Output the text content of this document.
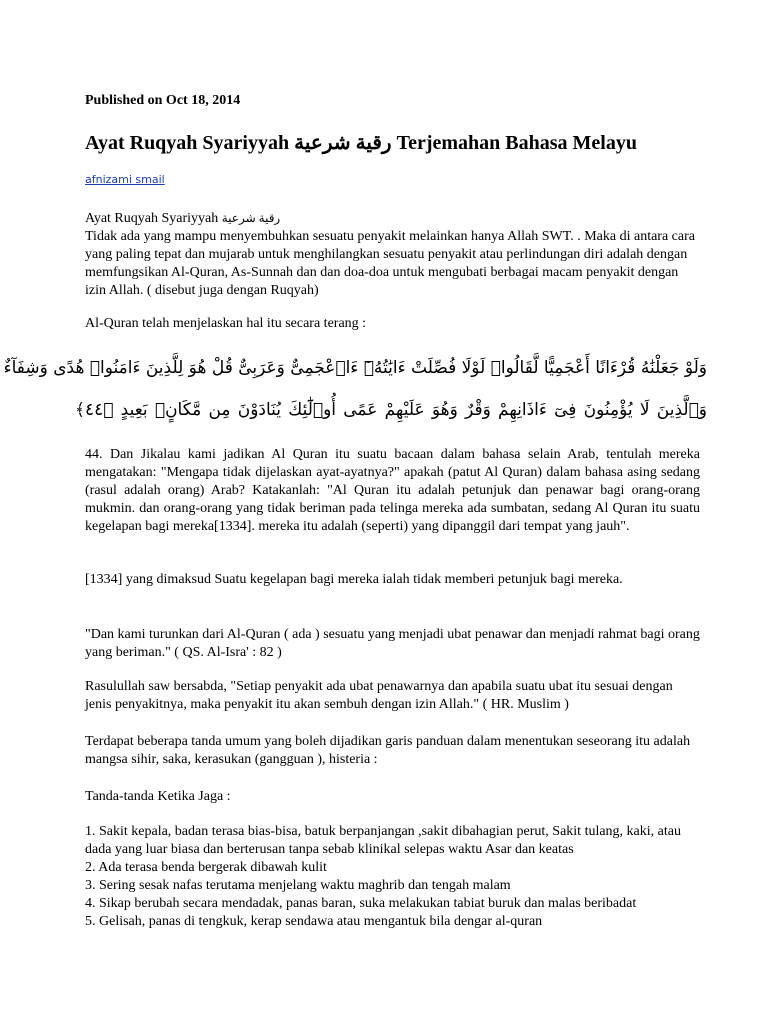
Published on Oct 18, 2014
Ayat Ruqyah Syariyyah رقية شرعية Terjemahan Bahasa Melayu
afnizami smail

Ayat Ruqyah Syariyyah رقية شرعية

Tidak ada yang mampu menyembuhkan sesuatu penyakit melainkan hanya Allah SWT. . Maka di antara cara yang paling tepat dan mujarab untuk menghilangkan sesuatu penyakit atau perlindungan diri adalah dengan memfungsikan Al-Quran, As-Sunnah dan dan doa-doa untuk mengubati berbagai macam penyakit dengan izin Allah. ( disebut juga dengan Ruqyah)

Al-Quran telah menjelaskan hal itu secara terang :

وَلَوْ جَعَلْنَٰهُ قُرْءَانًا أَعْجَمِيًّا لَّقَالُوا۟ لَوْلَا فُصِّلَتْ ءَايَٰتُهُۥٓ ءَا۬عْجَمِىٌّ وَعَرَبِىٌّ قُلْ هُوَ لِلَّذِينَ ءَامَنُوا۟ هُدًى وَشِفَآءٌ
وَٱلَّذِينَ لَا يُؤْمِنُونَ فِىٓ ءَاذَانِهِمْ وَقْرٌ وَهُوَ عَلَيْهِمْ عَمًى أُو۟لَٰٓئِكَ يُنَادَوْنَ مِن مَّكَانٍۭ بَعِيدٍ ﴿٤٤﴾

44. Dan Jikalau kami jadikan Al Quran itu suatu bacaan dalam bahasa selain Arab, tentulah mereka mengatakan: "Mengapa tidak dijelaskan ayat-ayatnya?" apakah (patut Al Quran) dalam bahasa asing sedang (rasul adalah orang) Arab? Katakanlah: "Al Quran itu adalah petunjuk dan penawar bagi orang-orang mukmin. dan orang-orang yang tidak beriman pada telinga mereka ada sumbatan, sedang Al Quran itu suatu kegelapan bagi mereka[1334]. mereka itu adalah (seperti) yang dipanggil dari tempat yang jauh".

[1334] yang dimaksud Suatu kegelapan bagi mereka ialah tidak memberi petunjuk bagi mereka.

"Dan kami turunkan dari Al-Quran ( ada ) sesuatu yang menjadi ubat penawar dan menjadi rahmat bagi orang yang beriman." ( QS. Al-Isra' : 82 )

Rasulullah saw bersabda, "Setiap penyakit ada ubat penawarnya dan apabila suatu ubat itu sesuai dengan jenis penyakitnya, maka penyakit itu akan sembuh dengan izin Allah." ( HR. Muslim )

Terdapat beberapa tanda umum yang boleh dijadikan garis panduan dalam menentukan seseorang itu adalah mangsa sihir, saka, kerasukan (gangguan ), histeria :

Tanda-tanda Ketika Jaga :

1. Sakit kepala, badan terasa bias-bisa, batuk berpanjangan ,sakit dibahagian perut, Sakit tulang, kaki, atau dada yang luar biasa dan berterusan tanpa sebab klinikal selepas waktu Asar dan keatas
2. Ada terasa benda bergerak dibawah kulit
3. Sering sesak nafas terutama menjelang waktu maghrib dan tengah malam
4. Sikap berubah secara mendadak, panas baran, suka melakukan tabiat buruk dan malas beribadat
5. Gelisah, panas di tengkuk, kerap sendawa atau mengantuk bila dengar al-quran
